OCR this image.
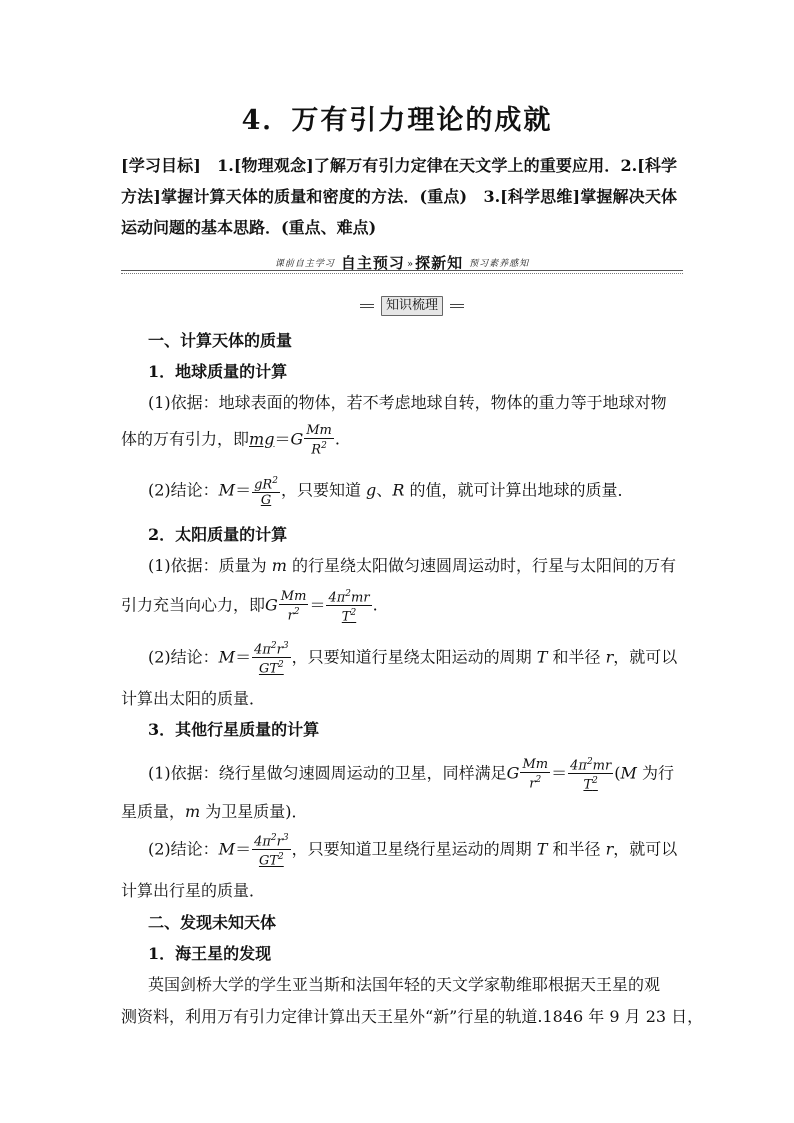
4．万有引力理论的成就
[学习目标]　1.[物理观念]了解万有引力定律在天文学上的重要应用．2.[科学方法]掌握计算天体的质量和密度的方法．(重点)　3.[科学思维]掌握解决天体运动问题的基本思路．(重点、难点)
课前自主学习 自主预习 » 探新知 预习素养感知
知识梳理
一、计算天体的质量
1．地球质量的计算
(1)依据：地球表面的物体，若不考虑地球自转，物体的重力等于地球对物
体的万有引力，即$mg=G \frac{Mm}{R^2}$ .
(2)结论：$M= \frac{gR^2}{G}$ ，只要知道 g、R 的值，就可计算出地球的质量．
2．太阳质量的计算
(1)依据：质量为 m 的行星绕太阳做匀速圆周运动时，行星与太阳间的万有
引力充当向心力，即G $\frac{Mm}{r^2} = \frac{4\pi^2mr}{T^2}$ .
(2)结论：$M= \frac{4\pi^2r^3}{GT^2}$ ，只要知道行星绕太阳运动的周期 T 和半径 r，就可以
计算出太阳的质量．
3．其他行星质量的计算
(1)依据：绕行星做匀速圆周运动的卫星，同样满足G $\frac{Mm}{r^2} = \frac{4\pi^2mr}{T^2} (M$ 为行
星质量，m 为卫星质量)．
(2)结论：$M= \frac{4\pi^2r^3}{GT^2}$ ，只要知道卫星绕行星运动的周期 T 和半径 r，就可以
计算出行星的质量．
二、发现未知天体
1．海王星的发现
英国剑桥大学的学生亚当斯和法国年轻的天文学家勒维耶根据天王星的观
测资料，利用万有引力定律计算出天王星外“新”行星的轨道.1846 年 9 月 23 日，
